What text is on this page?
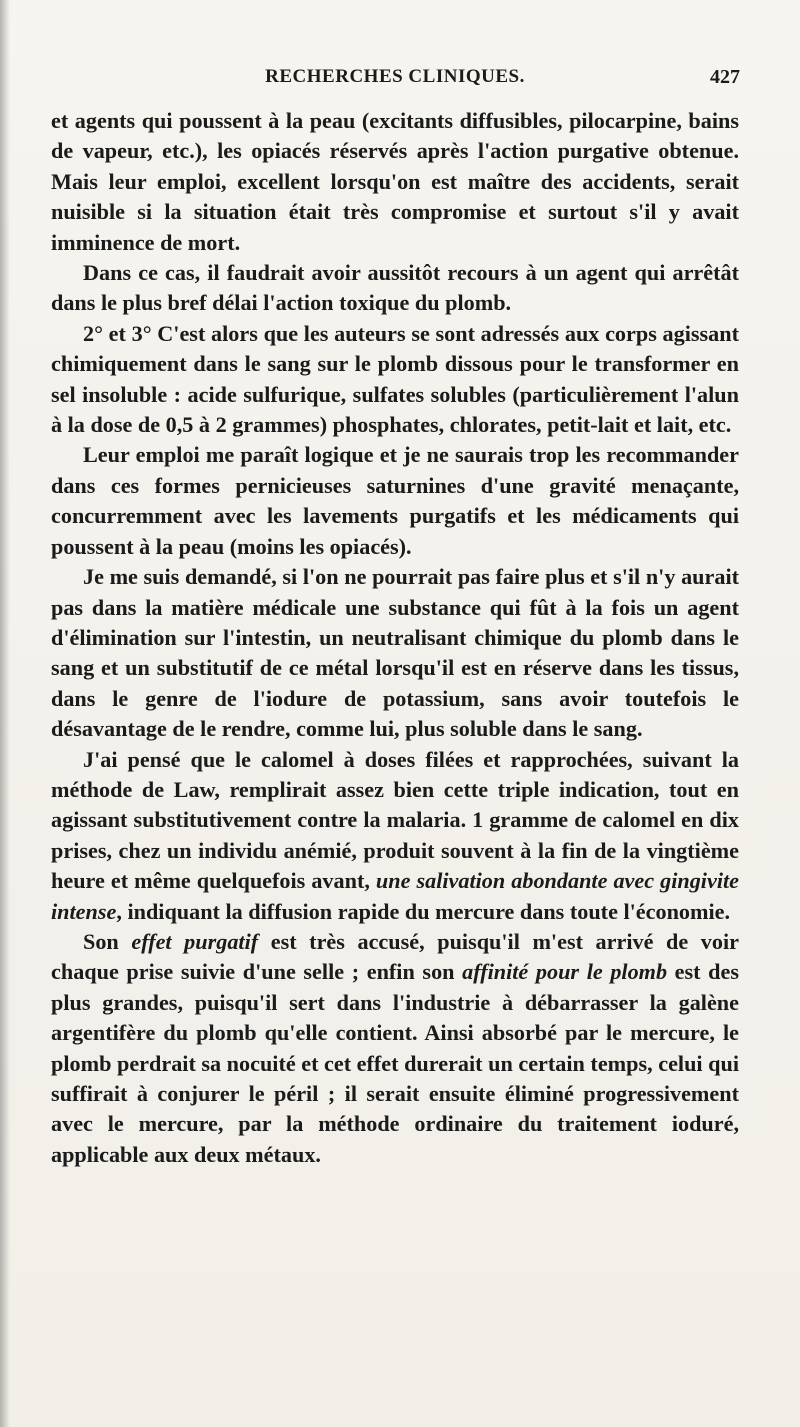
RECHERCHES CLINIQUES.	427

et agents qui poussent à la peau (excitants diffusibles, pilocarpine, bains de vapeur, etc.), les opiacés réservés après l'action purgative obtenue. Mais leur emploi, excellent lorsqu'on est maître des accidents, serait nuisible si la situation était très compromise et surtout s'il y avait imminence de mort.

Dans ce cas, il faudrait avoir aussitôt recours à un agent qui arrêtât dans le plus bref délai l'action toxique du plomb.

2° et 3° C'est alors que les auteurs se sont adressés aux corps agissant chimiquement dans le sang sur le plomb dissous pour le transformer en sel insoluble : acide sulfurique, sulfates solubles (particulièrement l'alun à la dose de 0,5 à 2 grammes) phosphates, chlorates, petit-lait et lait, etc.

Leur emploi me paraît logique et je ne saurais trop les recommander dans ces formes pernicieuses saturnines d'une gravité menaçante, concurremment avec les lavements purgatifs et les médicaments qui poussent à la peau (moins les opiacés).

Je me suis demandé, si l'on ne pourrait pas faire plus et s'il n'y aurait pas dans la matière médicale une substance qui fût à la fois un agent d'élimination sur l'intestin, un neutralisant chimique du plomb dans le sang et un substitutif de ce métal lorsqu'il est en réserve dans les tissus, dans le genre de l'iodure de potassium, sans avoir toutefois le désavantage de le rendre, comme lui, plus soluble dans le sang.

J'ai pensé que le calomel à doses filées et rapprochées, suivant la méthode de Law, remplirait assez bien cette triple indication, tout en agissant substitutivement contre la malaria. 1 gramme de calomel en dix prises, chez un individu anémié, produit souvent à la fin de la vingtième heure et même quelquefois avant, une salivation abondante avec gingivite intense, indiquant la diffusion rapide du mercure dans toute l'économie.

Son effet purgatif est très accusé, puisqu'il m'est arrivé de voir chaque prise suivie d'une selle ; enfin son affinité pour le plomb est des plus grandes, puisqu'il sert dans l'industrie à débarrasser la galène argentifère du plomb qu'elle contient. Ainsi absorbé par le mercure, le plomb perdrait sa nocuité et cet effet durerait un certain temps, celui qui suffirait à conjurer le péril ; il serait ensuite éliminé progressivement avec le mercure, par la méthode ordinaire du traitement ioduré, applicable aux deux métaux.
